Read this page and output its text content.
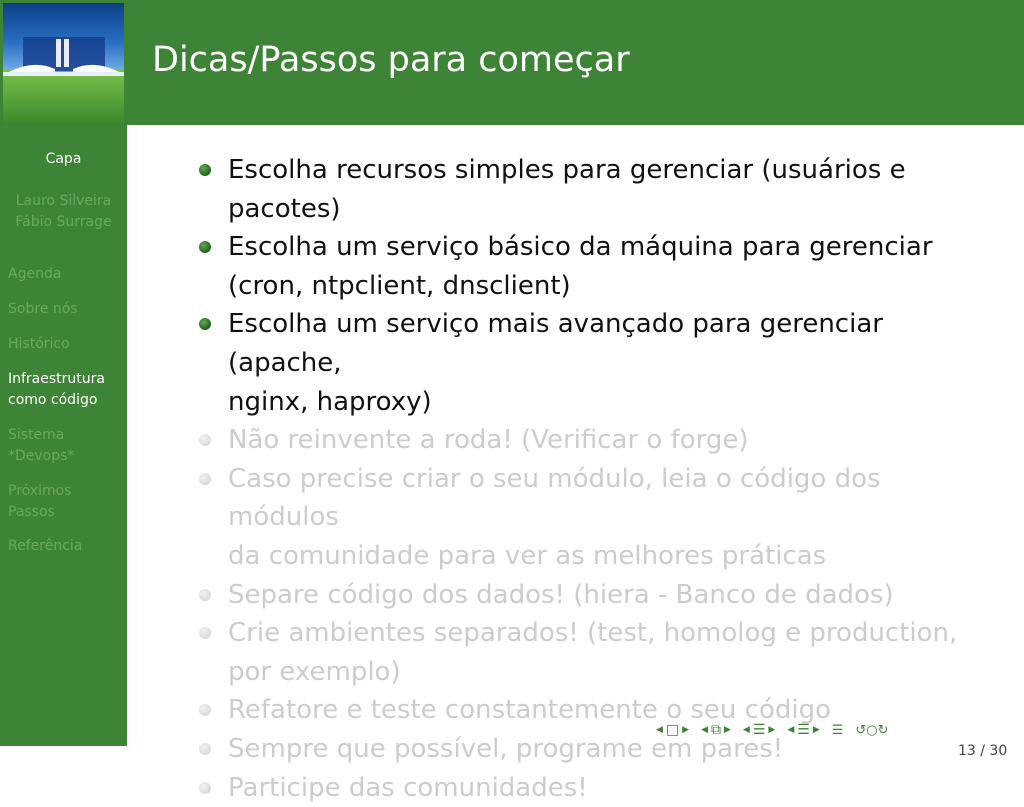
Dicas/Passos para começar
Capa
Lauro Silveira
Fábio Surrage
Agenda
Sobre nós
Histórico
Infraestrutura
como código
Sistema
*Devops*
Próximos
Passos
Referência
Escolha recursos simples para gerenciar (usuários e
pacotes)
Escolha um serviço básico da máquina para gerenciar
(cron, ntpclient, dnsclient)
Escolha um serviço mais avançado para gerenciar (apache,
nginx, haproxy)
Não reinvente a roda! (Verificar o forge)
Caso precise criar o seu módulo, leia o código dos módulos
da comunidade para ver as melhores práticas
Separe código dos dados! (hiera - Banco de dados)
Crie ambientes separados! (test, homolog e production,
por exemplo)
Refatore e teste constantemente o seu código
Sempre que possível, programe em pares!
Participe das comunidades!
◀ □ ▶ ◀ ⧉ ▶ ◀ ☰ ▶ ◀ ☰ ▶ ☰ ↺○↻
13 / 30
